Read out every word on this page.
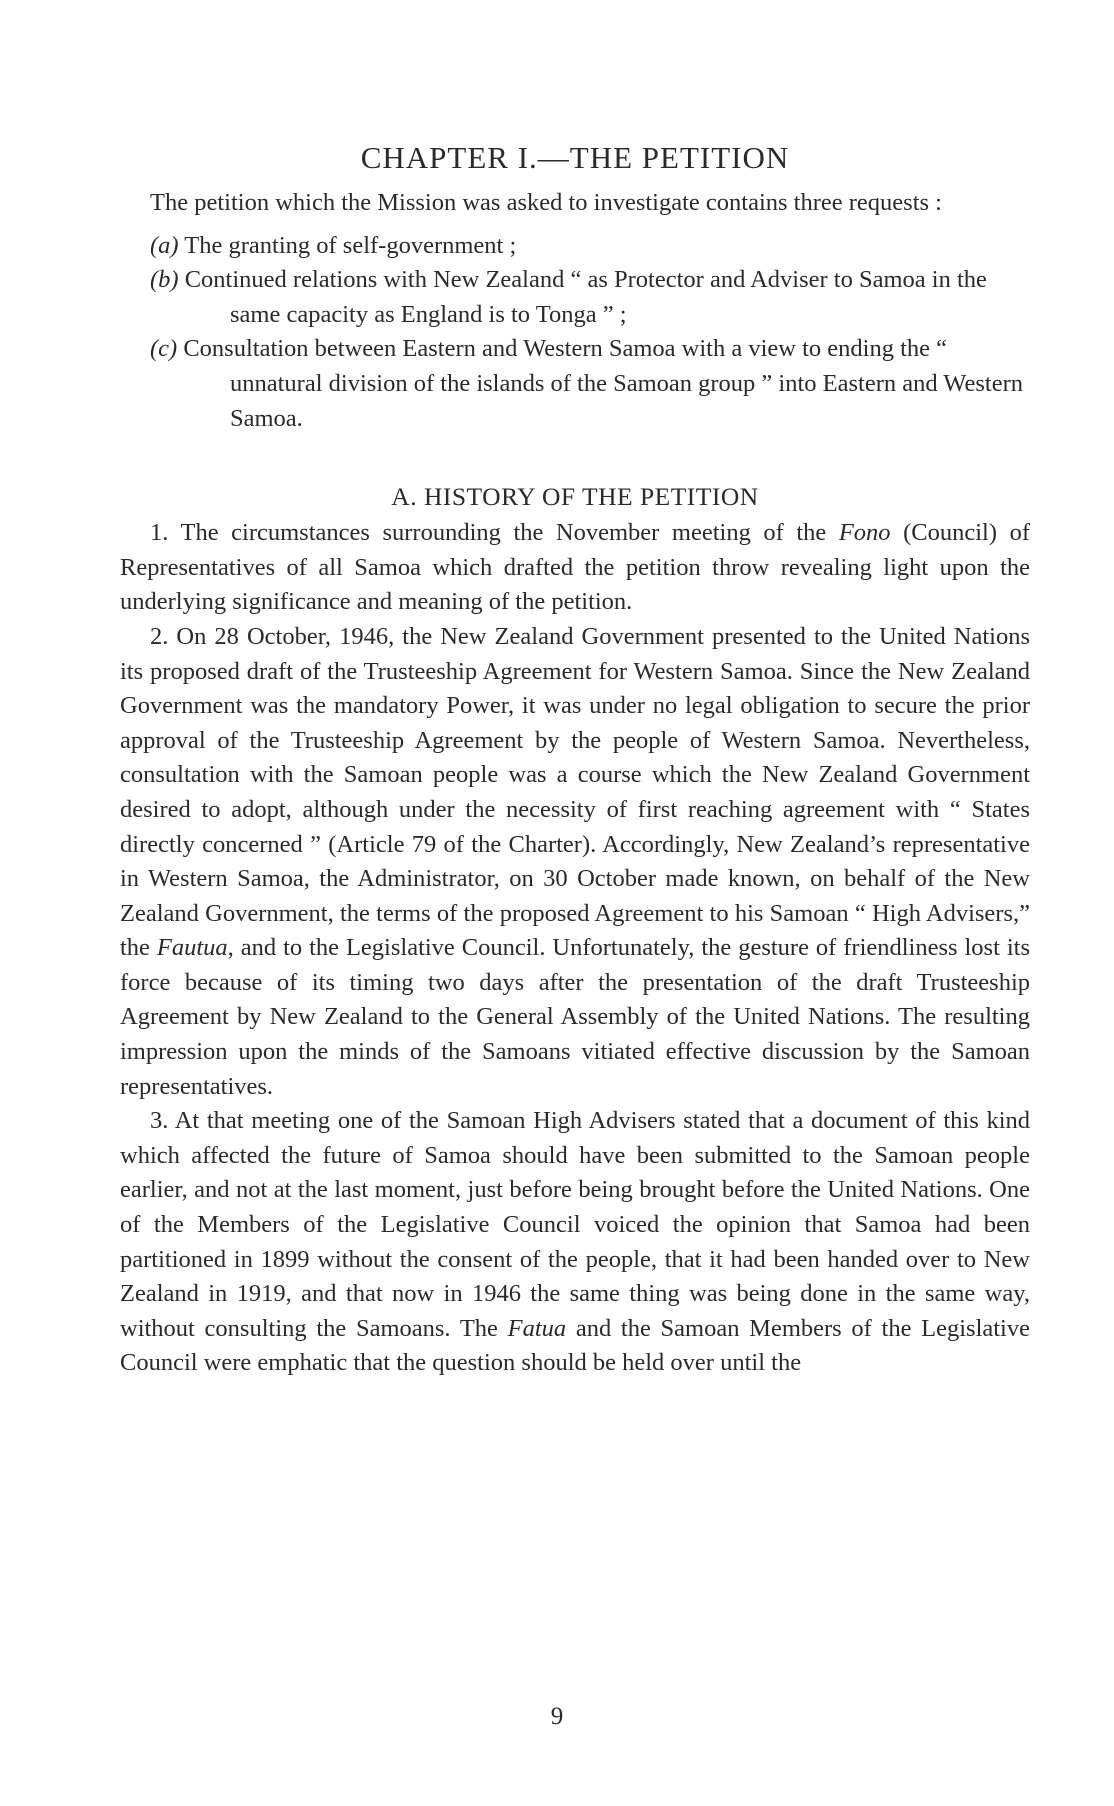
CHAPTER I.—THE PETITION

The petition which the Mission was asked to investigate contains three requests :

(a) The granting of self-government ;
(b) Continued relations with New Zealand “ as Protector and Adviser to Samoa in the same capacity as England is to Tonga ” ;
(c) Consultation between Eastern and Western Samoa with a view to ending the “ unnatural division of the islands of the Samoan group ” into Eastern and Western Samoa.
A. HISTORY OF THE PETITION

1. The circumstances surrounding the November meeting of the Fono (Council) of Representatives of all Samoa which drafted the petition throw revealing light upon the underlying significance and meaning of the petition.

2. On 28 October, 1946, the New Zealand Government presented to the United Nations its proposed draft of the Trusteeship Agreement for Western Samoa. Since the New Zealand Government was the mandatory Power, it was under no legal obligation to secure the prior approval of the Trusteeship Agreement by the people of Western Samoa. Nevertheless, consultation with the Samoan people was a course which the New Zealand Government desired to adopt, although under the necessity of first reaching agreement with “ States directly concerned ” (Article 79 of the Charter). Accordingly, New Zealand’s representative in Western Samoa, the Administrator, on 30 October made known, on behalf of the New Zealand Government, the terms of the proposed Agreement to his Samoan “ High Advisers,” the Fautua, and to the Legislative Council. Unfortunately, the gesture of friendliness lost its force because of its timing two days after the presentation of the draft Trusteeship Agreement by New Zealand to the General Assembly of the United Nations. The resulting impression upon the minds of the Samoans vitiated effective discussion by the Samoan representatives.

3. At that meeting one of the Samoan High Advisers stated that a document of this kind which affected the future of Samoa should have been submitted to the Samoan people earlier, and not at the last moment, just before being brought before the United Nations. One of the Members of the Legislative Council voiced the opinion that Samoa had been partitioned in 1899 without the consent of the people, that it had been handed over to New Zealand in 1919, and that now in 1946 the same thing was being done in the same way, without consulting the Samoans. The Fatua and the Samoan Members of the Legislative Council were emphatic that the question should be held over until the

9
